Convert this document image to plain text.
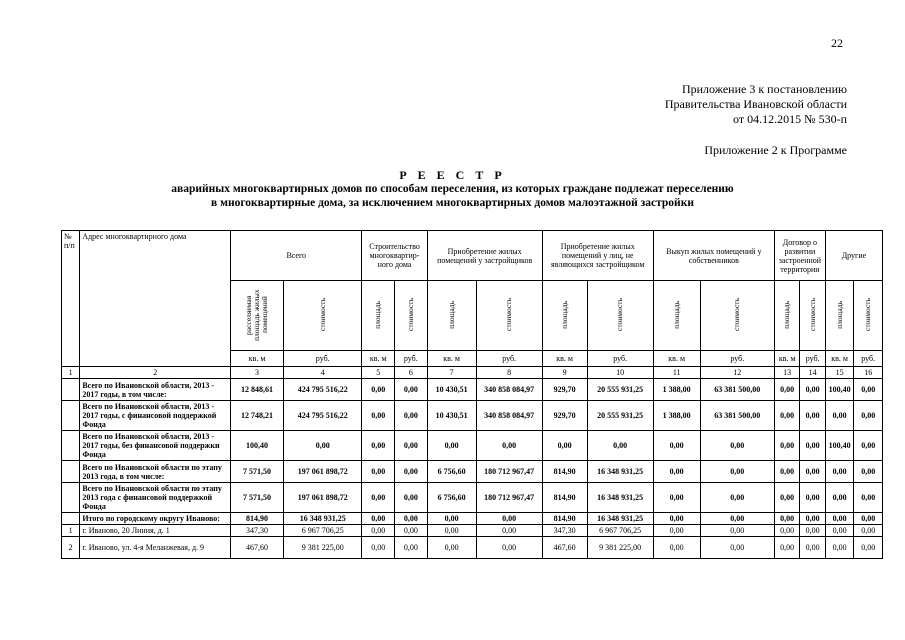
22
Приложение 3 к постановлению
Правительства Ивановской области
от 04.12.2015 № 530-п
Приложение 2 к Программе
Р Е Е С Т Р
аварийных многоквартирных домов по способам переселения, из которых граждане подлежат переселению
в многоквартирные дома, за исключением многоквартирных домов малоэтажной застройки
№ п/п	Адрес многоквартирного дома	Всего		Строительство многоквартир-ного дома		Приобретение жилых помещений у застройщиков		Приобретение жилых помещений у лиц, не являющихся застройщиком		Выкуп жилых помещений у собственников		Договор о развитии застроенной территории		Другие	
		расселяемая площадь жилых помещений	стоимость	площадь	стоимость	площадь	стоимость	площадь	стоимость	площадь	стоимость	площадь	стоимость	площадь	стоимость
		кв. м	руб.	кв. м	руб.	кв. м	руб.	кв. м	руб.	кв. м	руб.	кв. м	руб.	кв. м	руб.
1	2	3	4	5	6	7	8	9	10	11	12	13	14	15	16
	Всего по Ивановской области, 2013 - 2017 годы, в том числе:	12 848,61	424 795 516,22	0,00	0,00	10 430,51	340 858 084,97	929,70	20 555 931,25	1 388,00	63 381 500,00	0,00	0,00	100,40	0,00
	Всего по Ивановской области, 2013 - 2017 годы, с финансовой поддержкой Фонда	12 748,21	424 795 516,22	0,00	0,00	10 430,51	340 858 084,97	929,70	20 555 931,25	1 388,00	63 381 500,00	0,00	0,00	0,00	0,00
	Всего по Ивановской области, 2013 - 2017 годы, без финансовой поддержки Фонда	100,40	0,00	0,00	0,00	0,00	0,00	0,00	0,00	0,00	0,00	0,00	0,00	100,40	0,00
	Всего по Ивановской области по этапу 2013 года, в том числе:	7 571,50	197 061 898,72	0,00	0,00	6 756,60	180 712 967,47	814,90	16 348 931,25	0,00	0,00	0,00	0,00	0,00	0,00
	Всего по Ивановской области по этапу 2013 года с финансовой поддержкой Фонда	7 571,50	197 061 898,72	0,00	0,00	6 756,60	180 712 967,47	814,90	16 348 931,25	0,00	0,00	0,00	0,00	0,00	0,00
	Итого по городскому округу Иваново:	814,90	16 348 931,25	0,00	0,00	0,00	0,00	814,90	16 348 931,25	0,00	0,00	0,00	0,00	0,00	0,00
1	г. Иваново, 20 Линия, д. 1	347,30	6 967 706,25	0,00	0,00	0,00	0,00	347,30	6 967 706,25	0,00	0,00	0,00	0,00	0,00	0,00
2	г. Иваново, ул. 4-я Меланжевая, д. 9	467,60	9 381 225,00	0,00	0,00	0,00	0,00	467,60	9 381 225,00	0,00	0,00	0,00	0,00	0,00	0,00
